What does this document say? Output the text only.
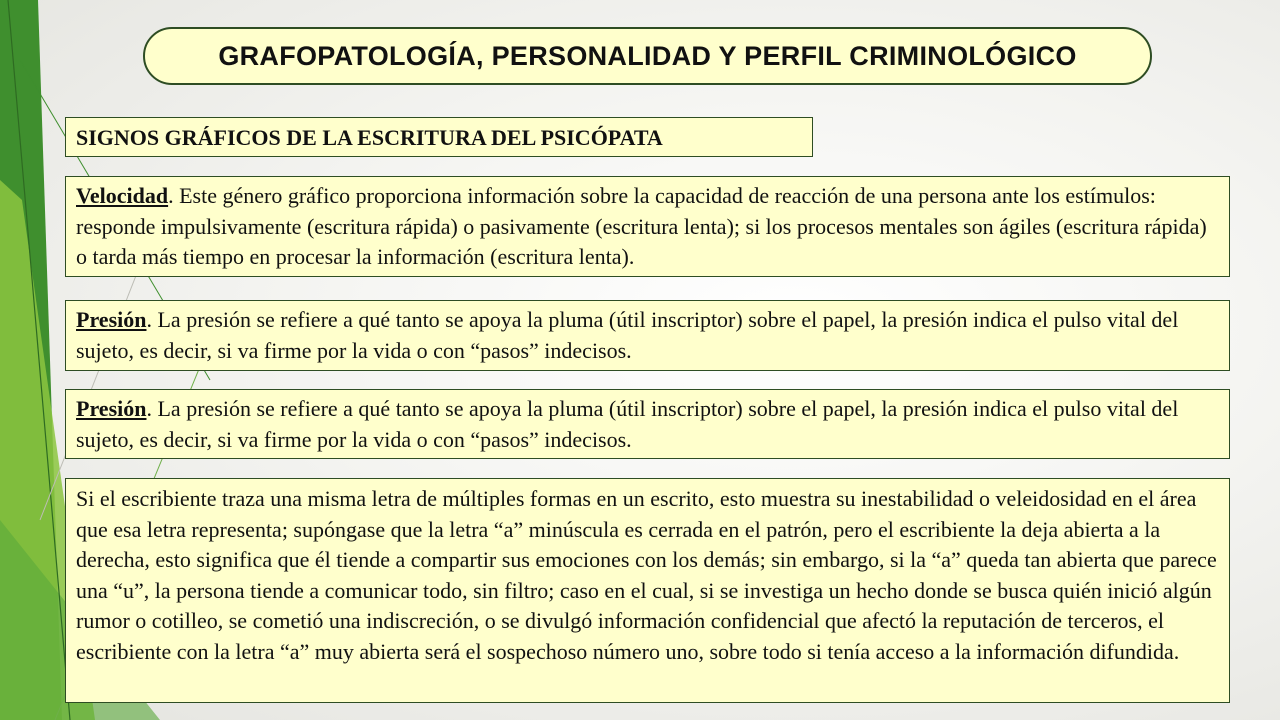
GRAFOPATOLOGÍA, PERSONALIDAD Y PERFIL CRIMINOLÓGICO
SIGNOS GRÁFICOS DE LA ESCRITURA DEL PSICÓPATA
Velocidad. Este género gráfico proporciona información sobre la capacidad de reacción de una persona ante los estímulos: responde impulsivamente (escritura rápida) o pasivamente (escritura lenta); si los procesos mentales son ágiles (escritura rápida) o tarda más tiempo en procesar la información (escritura lenta).
Presión. La presión se refiere a qué tanto se apoya la pluma (útil inscriptor) sobre el papel, la presión indica el pulso vital del sujeto, es decir, si va firme por la vida o con “pasos” indecisos.
Presión. La presión se refiere a qué tanto se apoya la pluma (útil inscriptor) sobre el papel, la presión indica el pulso vital del sujeto, es decir, si va firme por la vida o con “pasos” indecisos.
Si el escribiente traza una misma letra de múltiples formas en un escrito, esto muestra su inestabilidad o veleidosidad en el área que esa letra representa; supóngase que la letra “a” minúscula es cerrada en el patrón, pero el escribiente la deja abierta a la derecha, esto significa que él tiende a compartir sus emociones con los demás; sin embargo, si la “a” queda tan abierta que parece una “u”, la persona tiende a comunicar todo, sin filtro; caso en el cual, si se investiga un hecho donde se busca quién inició algún rumor o cotilleo, se cometió una indiscreción, o se divulgó información confidencial que afectó la reputación de terceros, el escribiente con la letra “a” muy abierta será el sospechoso número uno, sobre todo si tenía acceso a la información difundida.
